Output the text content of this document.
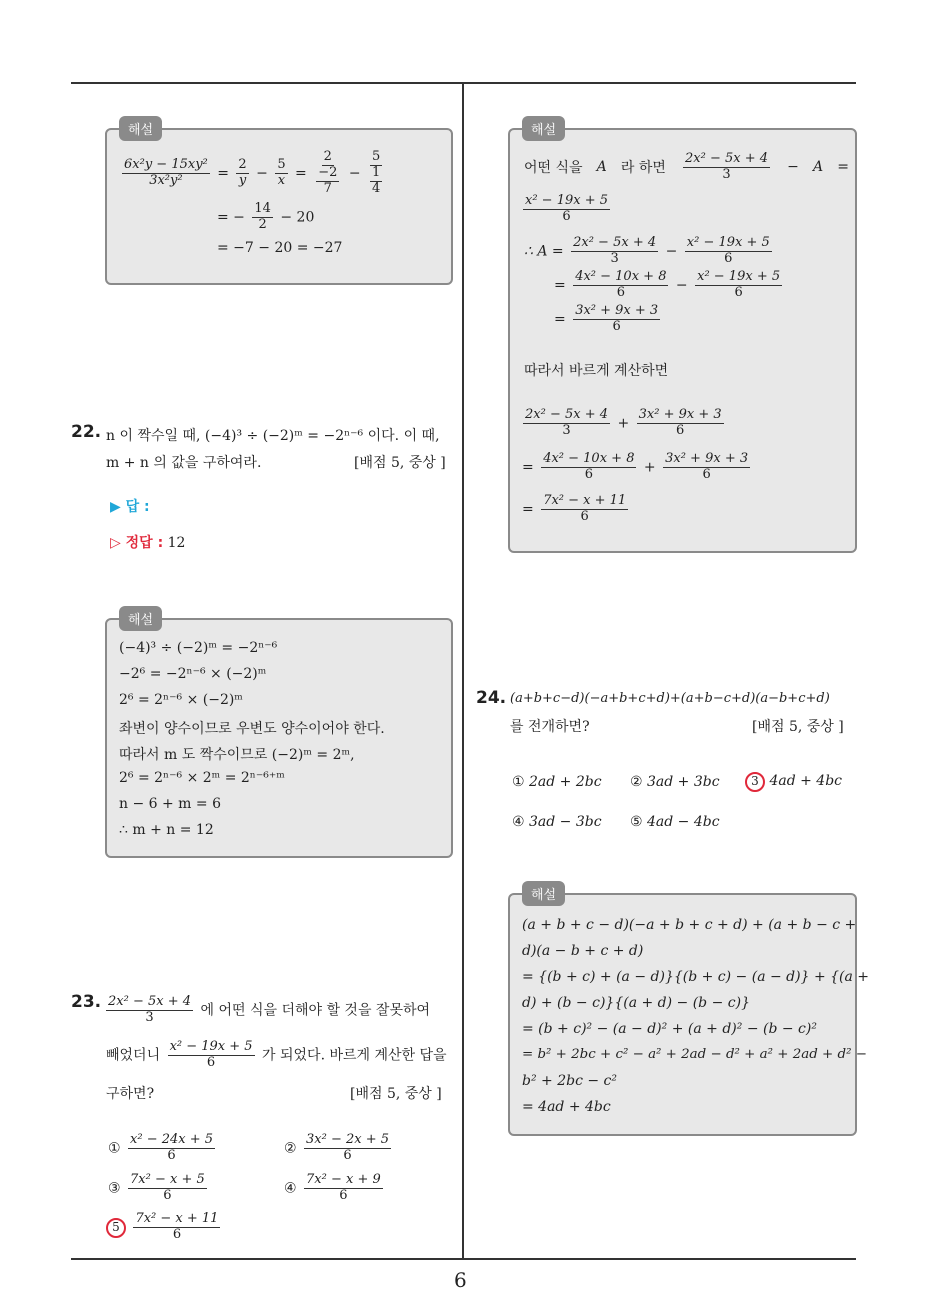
해설
$\frac{\text{6x²y − 15xy²}}{\text{3x²y²}} = \frac{2}{y} - \frac{5}{x} = \frac{2}{\frac{-2}{7}} - \frac{5}{\frac{1}{4}}$
= − $\frac{14}{2} - 20$
= −7 − 20 = −27
22. n 이 짝수일 때, (−4)³ ÷ (−2)ᵐ = −2ⁿ⁻⁶ 이다. 이 때,
m + n 의 값을 구하여라.	[배점 5, 중상 ]
▶ 답 :
▷ 정답 : 12
해설
(−4)³ ÷ (−2)ᵐ = −2ⁿ⁻⁶
−2⁶ = −2ⁿ⁻⁶ × (−2)ᵐ
2⁶ = 2ⁿ⁻⁶ × (−2)ᵐ
좌변이 양수이므로 우변도 양수이어야 한다.
따라서 m 도 짝수이므로 (−2)ᵐ = 2ᵐ,
2⁶ = 2ⁿ⁻⁶ × 2ᵐ = 2ⁿ⁻⁶⁺ᵐ
n − 6 + m = 6
∴ m + n = 12
23. $\frac{\text{2x² − 5x + 4}}{3}$ 에 어떤 식을 더해야 할 것을 잘못하여
빼었더니 $\frac{\text{x² − 19x + 5}}{6}$ 가 되었다. 바르게 계산한 답을
구하면?	[배점 5, 중상 ]
① $\frac{\text{x² − 24x + 5}}{6}$	② $\frac{\text{3x² − 2x + 5}}{6}$
③ $\frac{\text{7x² − x + 5}}{6}$	④ $\frac{\text{7x² − x + 9}}{6}$
$5 \frac{\text{7x² − x + 11}}{6}$
해설
어떤 식을 A 라 하면 $\frac{\text{2x² − 5x + 4}}{3} - A$ =
$\frac{\text{x² − 19x + 5}}{6}$
∴ $A = \frac{\text{2x² − 5x + 4}}{3} - \frac{\text{x² − 19x + 5}}{6}$
= $\frac{\text{4x² − 10x + 8}}{6} - \frac{\text{x² − 19x + 5}}{6}$
= $\frac{\text{3x² + 9x + 3}}{6}$
따라서 바르게 계산하면
$\frac{\text{2x² − 5x + 4}}{3} + \frac{\text{3x² + 9x + 3}}{6}$
= $\frac{\text{4x² − 10x + 8}}{6} + \frac{\text{3x² + 9x + 3}}{6}$
= $\frac{\text{7x² − x + 11}}{6}$
24. (a+b+c−d)(−a+b+c+d)+(a+b−c+d)(a−b+c+d)
를 전개하면?	[배점 5, 중상 ]
① 2ad + 2bc ② 3ad + 3bc	3 4ad + 4bc
④ 3ad − 3bc ⑤ 4ad − 4bc
해설
(a + b + c − d)(−a + b + c + d) + (a + b − c +
d)(a − b + c + d)
= {(b + c) + (a − d)}{(b + c) − (a − d)} + {(a +
d) + (b − c)}{(a + d) − (b − c)}
= (b + c)² − (a − d)² + (a + d)² − (b − c)²
= b² + 2bc + c² − a² + 2ad − d² + a² + 2ad + d² −
b² + 2bc − c²
= 4ad + 4bc
6
